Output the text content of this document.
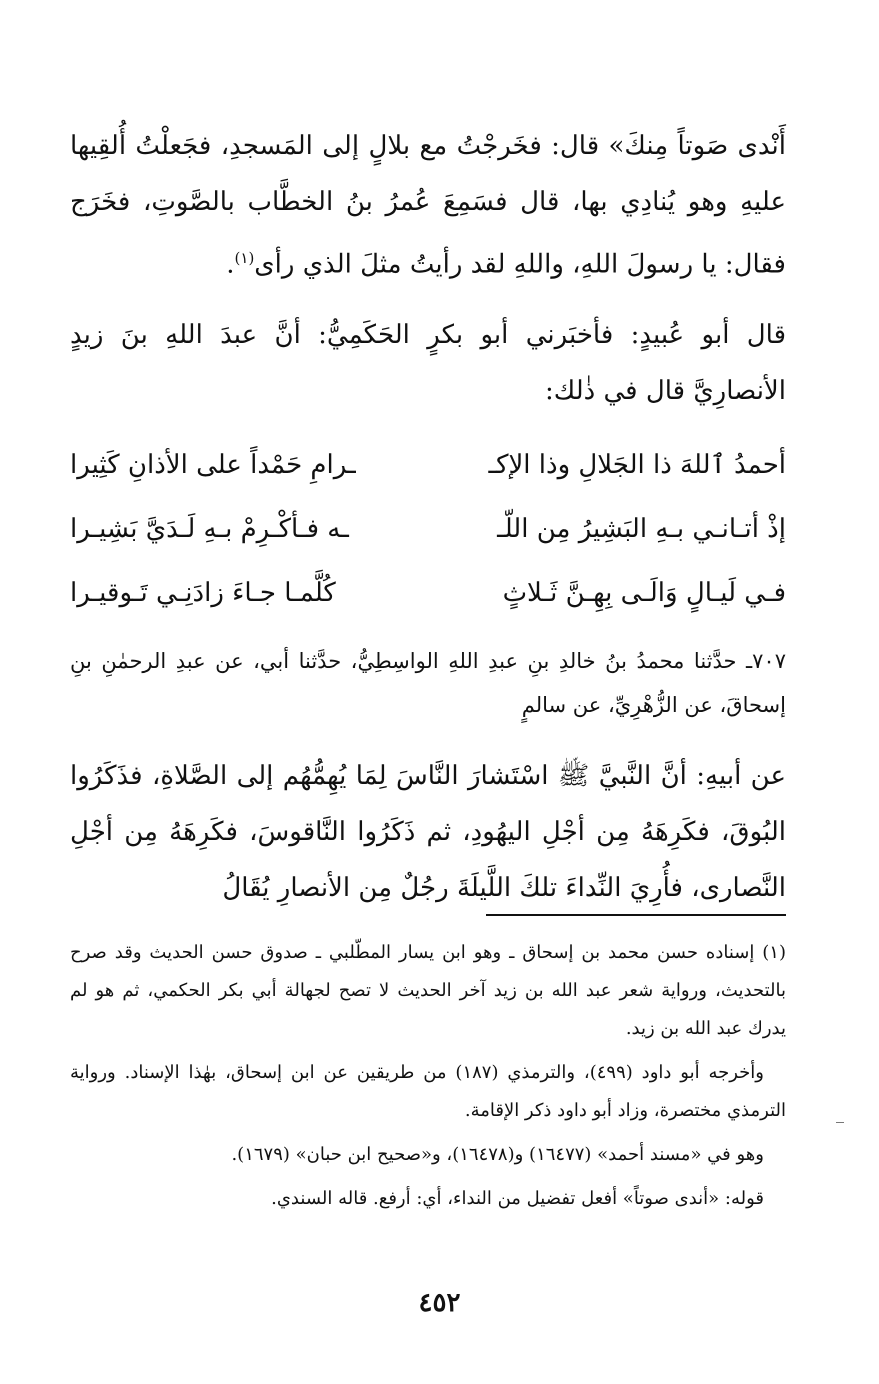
أَنْدى صَوتاً مِنكَ» قال: فخَرجْتُ مع بلالٍ إلى المَسجدِ، فجَعلْتُ أُلقِيها عليهِ وهو يُنادِي بها، قال فسَمِعَ عُمرُ بنُ الخطَّاب بالصَّوتِ، فخَرَج فقال: يا رسولَ اللهِ، واللهِ لقد رأيتُ مثلَ الذي رأى$^{(١)}$.

قال أبو عُبيدٍ: فأخبَرني أبو بكرٍ الحَكَمِيُّ: أنَّ عبدَ اللهِ بنَ زيدٍ الأنصارِيَّ قال في ذٰلك:

أحمدُ ٱللهَ ذا الجَلالِ وذا الإكـ
ـرامِ حَمْداً على الأذانِ كَثِيرا
إذْ أتـانـي بـهِ البَشِيرُ مِن اللّـ
ـه فـأكْـرِمْ بـهِ لَـدَيَّ بَشِيـرا
فـي لَيـالٍ وَالَـى بِهِـنَّ ثَـلاثٍ
كُلَّمـا جـاءَ زادَنِـي تَـوقيـرا

٧٠٧ـ حدَّثنا محمدُ بنُ خالدِ بنِ عبدِ اللهِ الواسِطِيُّ، حدَّثنا أبي، عن عبدِ الرحمٰنِ بنِ إسحاقَ، عن الزُّهْرِيِّ، عن سالمٍ

عن أبيهِ: أنَّ النَّبيَّ ﷺ اسْتَشارَ النَّاسَ لِمَا يُهِمُّهُم إلى الصَّلاةِ، فذَكَرُوا البُوقَ، فكَرِهَهُ مِن أجْلِ اليهُودِ، ثم ذَكَرُوا النَّاقوسَ، فكَرِهَهُ مِن أجْلِ النَّصارى، فأُرِيَ النِّداءَ تلكَ اللَّيلَةَ رجُلٌ مِن الأنصارِ يُقَالُ

(١) إسناده حسن محمد بن إسحاق ـ وهو ابن يسار المطّلبي ـ صدوق حسن الحديث وقد صرح بالتحديث، ورواية شعر عبد الله بن زيد آخر الحديث لا تصح لجهالة أبي بكر الحكمي، ثم هو لم يدرك عبد الله بن زيد.

وأخرجه أبو داود (٤٩٩)، والترمذي (١٨٧) من طريقين عن ابن إسحاق، بهٰذا الإسناد. ورواية الترمذي مختصرة، وزاد أبو داود ذكر الإقامة.

وهو في «مسند أحمد» (١٦٤٧٧) و(١٦٤٧٨)، و«صحيح ابن حبان» (١٦٧٩).

قوله: «أندى صوتاً» أفعل تفضيل من النداء، أي: أرفع. قاله السندي.

٤٥٢
